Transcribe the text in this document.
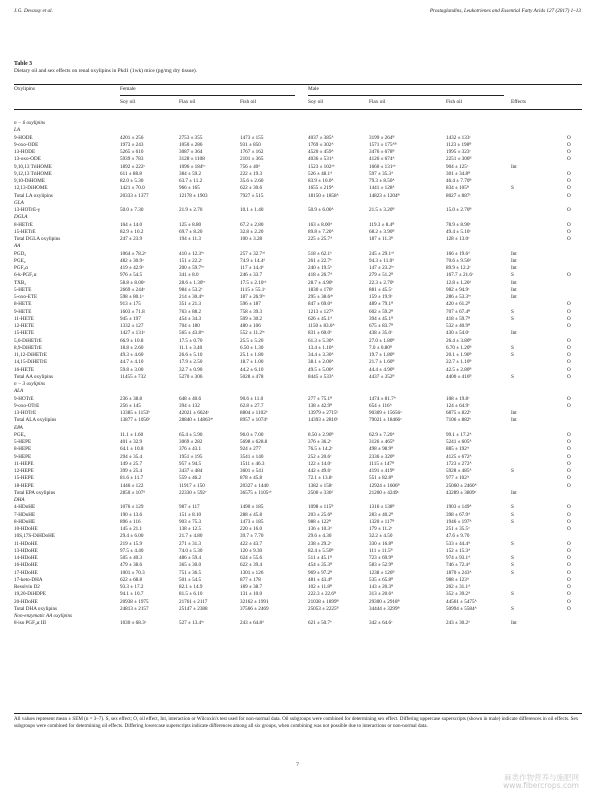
J.G. Devassy et al.	Prostaglandins, Leukotrienes and Essential Fatty Acids 127 (2017) 1–13
Table 3
Dietary oil and sex effects on renal oxylipins in Pkd1 (1wk) mice (pg/mg dry tissue).
Oxylipins	Female	Male
Soy oil	Flax oil	Fish oil	Soy oil	Flax oil	Fish oil	Effects
n − 6 oxylipins
LA
9-HODE	4201 ± 256	2753 ± 355	1473 ± 155	4037 ± 385ᴬ	3199 ± 264ᴮ	1432 ± 133ᶜ	O
9-oxo-ODE	1973 ± 243	1050 ± 286	931 ± 850	1769 ± 302ᴬ	1571 ± 175ᴬᴮ	1123 ± 198ᴮ	O
13-HODE	5265 ± 610	3087 ± 364	1767 ± 162	4520 ± 459ᴬ	3476 ± 678ᴮ	1995 ± 323ᶜ	O
13-oxo-ODE	5939 ± 783	3128 ± 1108	2101 ± 365	4036 ± 531ᴬ	4126 ± 674ᴬ	2251 ± 306ᴮ	O
9,10,13 TriHOME	1892 ± 222ᵃ	1096 ± 184ᵇᶜ	756 ± 40ᵈ	1523 ± 102ᵃᵇ	1660 ± 131ᵃᵇ	904 ± 125ᶜ	Int
9,12,13 TriHOME	611 ± 88.8	384 ± 59.2	222 ± 19.3	526 ± 48.1ᴬ	597 ± 35.3ᴬ	301 ± 34.8ᴮ	O
9,10-DiHOME	82.0 ± 5.30	63.7 ± 11.2	35.6 ± 2.60	83.9 ± 10.0ᴬ	79.3 ± 8.50ᴬ	46.4 ± 7.70ᴮ	O
12,13-DiHOME	1421 ± 70.0	966 ± 165	622 ± 30.6	1655 ± 219ᴬ	1441 ± 128ᴬ	834 ± 105ᴮ	S	O
Total LA oxylipins	20333 ± 1377	12178 ± 1903	7927 ± 515	18150 ± 1858ᴬ	14823 ± 1204ᴮ	8027 ± 887ᶜ	O
GLA
13-HOTrE-γ	50.0 ± 7.30	21.9 ± 2.70	10.1 ± 1.40	50.9 ± 6.00ᴬ	21.5 ± 3.20ᴮ	15.0 ± 2.70ᴮ	O
DGLA
8-HETrE	164 ± 14.0	125 ± 8.80	67.2 ± 2.80	163 ± 8.00ᴬ	119.3 ± 8.4ᴮ	78.9 ± 8.90ᶜ	O
15-HETrE	82.9 ± 10.2	69.7 ± 8.20	32.8 ± 2.20	89.8 ± 7.20ᴬ	68.2 ± 3.90ᴮ	49.4 ± 5.10ᶜ	O
Total DGLA oxylipins	247 ± 23.9	194 ± 11.3	100 ± 3.28	225 ± 25.7ᴬ	187 ± 11.3ᴮ	128 ± 13.0ᶜ	O
AA
PGD₂	1064 ± 78.2ᵃ	410 ± 12.3ᵇᶜ	257 ± 32.7ᶜᵈ	518 ± 62.1ᵇ	245 ± 29.1ᶜᵈ	166 ± 19.6ᵈ	Int
PGE₂	482 ± 30.9ᵃ	151 ± 22.2ᶜ	74.9 ± 14.4ᵈ	261 ± 22.7ᵇ	94.3 ± 11.0ᵈ	70.6 ± 9.56ᵈ	Int
PGF₂α	419 ± 42.9ᵃ	200 ± 59.7ᵇᶜ	117 ± 14.4ᵈ	240 ± 19.5ᵇ	147 ± 23.2ᵇᶜ	89.9 ± 12.2ᶜ	Int
6-k-PGF₁α	976 ± 54.5	341 ± 8.0	246 ± 33.7	418 ± 26.7ᴬ	279 ± 51.2ᴮ	167.7 ± 21.6ᶜ	S	O
TXB₂	58.8 ± 8.00ᵃ	28.6 ± 1.30ᵇᶜ	17.5 ± 2.10ᶜᵈ	28.7 ± 4.90ᵇ	22.3 ± 2.70ᵇ	12.8 ± 1.26ᵈ	Int
5-HETE	2669 ± 244ᵃ	984 ± 53.2ᶜ	1115 ± 55.1ᶜ	1830 ± 176ᵇ	881 ± 45.5ᶜ	982 ± 94.9ᶜ	Int
5-oxo-ETE	598 ± 80.1ᵃ	214 ± 30.4ᵇᶜ	187 ± 26.9ᵇᶜ	295 ± 38.6ᵃᵇ	159 ± 19.9ᶜ	286 ± 53.3ᵇᶜ	Int
8-HETE	913 ± 175	351 ± 21.3	596 ± 187	847 ± 69.0ᴬ	489 ± 79.1ᴮ	420 ± 61.2ᴮ	O
9-HETE	1603 ± 71.8	763 ± 88.2	758 ± 39.3	1213 ± 127ᴬ	602 ± 59.2ᴮ	707 ± 67.4ᴮ	S	O
11-HETE	945 ± 197	454 ± 34.3	509 ± 30.2	626 ± 45.1ᴬ	394 ± 45.1ᴮ	418 ± 59.7ᴮ	S	O
12-HETE	1332 ± 127	704 ± 180	480 ± 106	1150 ± 83.0ᴬ	675 ± 83.7ᴮ	532 ± 40.9ᴮ	O
15-HETE	1427 ± 131ᵃ	565 ± 43.8ᵇᶜ	552 ± 11.2ᵇᶜ	831 ± 60.0ᵇ	438 ± 35.0ᶜ	430 ± 54.0ᶜ	Int
5,6-DiHETrE	66.9 ± 10.8	17.5 ± 0.70	25.5 ± 5.20	61.3 ± 5.30ᴬ	27.0 ± 1.80ᴮ	26.4 ± 3.80ᴮ	O
8,9-DiHETrE	18.8 ± 2.60	11.1 ± 3.40	6.50 ± 1.30	13.4 ± 1.10ᴬ	7.0 ± 0.80ᴮ	6.70 ± 1.20ᴮ	S	O
11,12-DiHETrE	49.3 ± 4.60	26.6 ± 5.10	25.1 ± 1.80	34.4 ± 3.30ᴬ	19.7 ± 1.80ᴮ	20.1 ± 1.90ᴮ	S	O
14,15-DiHETrE	44.7 ± 4.10	17.9 ± 2.50	18.7 ± 1.00	38.1 ± 2.00ᴬ	21.7 ± 1.60ᴮ	22.7 ± 1.10ᴮ	O
16-HETE	59.8 ± 3.00	32.7 ± 0.90	44.2 ± 6.10	49.5 ± 5.00ᴬ	44.4 ± 4.90ᴮ	42.5 ± 2.80ᴮ	O
Total AA oxylipins	11455 ± 732	5270 ± 306	5028 ± 478	8445 ± 533ᴬ	4437 ± 352ᴮ	4400 ± 416ᴮ	S	O
n − 3 oxylipins
ALA
9-HOTrE	236 ± 38.8	648 ± 40.6	90.6 ± 11.0	277 ± 75.1ᴮ	1474 ± 81.7ᴬ	108 ± 19.8ᶜ	O
9-oxo-OTrE	256 ± 145	394 ± 132	62.8 ± 27.7	138 ± 42.9ᴮ	654 ± 116ᴬ	124 ± 64.9ᶜ	O
13-HOTrE	13385 ± 1153ᵇ	42021 ± 6624ᵃ	8804 ± 1102ᵇ	13979 ± 2715ᵇ	90309 ± 15656ᵃ	6875 ± 822ᵇ	Int
Total ALA oxylipins	13877 ± 1056ᵇ	28840 ± 14863ᵃᵇ	8957 ± 1074ᵇ	14393 ± 2816ᵇ	79021 ± 18466ᵃ	7106 ± 882ᵇ	Int
EPA
PGE₃	11.1 ± 1.60	65.4 ± 5.90	96.0 ± 7.00	8.50 ± 2.90ᴮ	62.9 ± 7.20ᴬ	99.1 ± 17.2ᴬ	O
5-HEPE	401 ± 32.9	3069 ± 282	5698 ± 628.8	376 ± 36.2ᶜ	3126 ± 465ᴮ	5241 ± 605ᴬ	O
8-HEPE	64.1 ± 10.8	376 ± 43.1	924 ± 277	76.5 ± 14.2ᶜ	498 ± 98.9ᴮ	885 ± 192ᴬ	O
9-HEPE	294 ± 35.4	1951 ± 195	3541 ± 140	252 ± 20.6ᶜ	2336 ± 320ᴮ	4125 ± 672ᴬ	O
11-HEPE	149 ± 25.7	957 ± 94.5	1511 ± 46.3	122 ± 14.0ᶜ	1115 ± 147ᴮ	1723 ± 272ᴬ	O
12-HEPE	399 ± 25.4	3437 ± 484	3601 ± 541	442 ± 49.6ᶜ	4191 ± 419ᴮ	5928 ± 485ᴬ	S	O
15-HEPE	81.6 ± 11.7	559 ± 46.2	878 ± 45.8	72.1 ± 13.8ᶜ	551 ± 82.8ᴮ	977 ± 102ᴬ	O
18-HEPE	1446 ± 122	11917 ± 150	20327 ± 1440	1382 ± 158ᶜ	12924 ± 1606ᴮ	25060 ± 2460ᴬ	O
Total EPA oxylipins	2850 ± 107ᵈ	22330 ± 592ᶜ	36575 ± 1105ᵃᵇ	2500 ± 336ᵈ	21200 ± 4249ᶜ	43289 ± 3809ᵃ	Int
DHA
4-HDoHE	1076 ± 129	987 ± 117	1490 ± 185	1098 ± 115ᴮ	1316 ± 138ᴮ	1903 ± 149ᴬ	S	O
7-HDoHE	190 ± 13.6	151 ± 8.10	288 ± 45.8	203 ± 25.6ᴮ	283 ± 40.2ᴮ	398 ± 67.9ᴬ	S	O
8-HDoHE	896 ± 116	903 ± 75.3	1473 ± 185	988 ± 122ᴮ	1320 ± 117ᴮ	1946 ± 197ᴬ	S	O
10-HDoHE	145 ± 21.1	138 ± 12.5	220 ± 16.0	136 ± 10.3ᵈ	179 ± 11.2ᶜ	251 ± 35.5ᵃ	O
10S,17S-DiHDoHE	29.4 ± 6.00	21.7 ± 4.80	39.7 ± 7.70	29.6 ± 4.30	32.2 ± 4.50	47.6 ± 9.70
11-HDoHE	219 ± 15.9	271 ± 31.3	422 ± 43.7	238 ± 29.2ᶜ	330 ± 16.8ᴮ	533 ± 44.4ᴬ	S	O
13-HDoHE	97.5 ± 4.40	74.0 ± 5.30	120 ± 9.30	82.4 ± 5.50ᴮ	111 ± 11.5ᴮ	152 ± 15.3ᴬ	O
14-HDoHE	505 ± 40.3	486 ± 59.4	624 ± 55.6	511 ± 45.1ᴮ	723 ± 69.9ᴮ	974 ± 93.1ᴬ	S	O
16-HDoHE	479 ± 38.6	365 ± 30.0	622 ± 39.4	454 ± 35.3ᴮ	583 ± 52.9ᴮ	746 ± 72.4ᴬ	S	O
17-HDoHE	1001 ± 70.3	751 ± 36.5	1301 ± 126	969 ± 97.2ᴮ	1238 ± 126ᴮ	1870 ± 243ᴬ	S	O
17-keto-DHA	622 ± 68.8	501 ± 54.5	877 ± 178	481 ± 43.4ᴮ	535 ± 65.8ᴮ	988 ± 123ᴬ	O
Resolvin D2	93.3 ± 17.2	82.1 ± 14.9	189 ± 38.7	102 ± 11.8ᴮ	143 ± 20.3ᴮ	202 ± 31.1ᴬ	O
19,20-DiHDPE	94.1 ± 10.7	81.5 ± 6.10	131 ± 10.0	222.3 ± 22.6ᴮ	313 ± 20.6ᴬ	352 ± 39.2ᴬ	S	O
20-HDoHE	20938 ± 1975	21761 ± 2117	32162 ± 1991	21038 ± 1899ᴮ	29300 ± 2918ᴮ	44561 ± 5475ᴬ	O
Total DHA oxylipins	24813 ± 2157	25147 ± 2388	37566 ± 2469	25053 ± 2225ᴮ	34444 ± 3299ᴮ	50994 ± 5584ᴬ	S	O
Non-enzymatic AA oxylipins
8-iso PGF₂α III	1030 ± 68.3ᵃ	527 ± 13.4ᵇᶜ	243 ± 64.8ᵈ	621 ± 50.7ᵇ	342 ± 64.6ᶜ	243 ± 30.2ᵈ	Int
All values represent mean ± SEM (n = 3–7). S, sex effect; O, oil effect, Int, interaction or Wilcoxin's test used for non-normal data. Oil subgroups were combined for determining sex effect. Differing uppercase superscripts (shown in male) indicate differences in oil effects. Sex subgroups were combined for determining oil effects. Differing lowercase superscripts indicate differences among all six groups, when combining was not possible due to interactions or non-normal data.
7
麻类作物营养与施肥网
www.fibercrops.com
